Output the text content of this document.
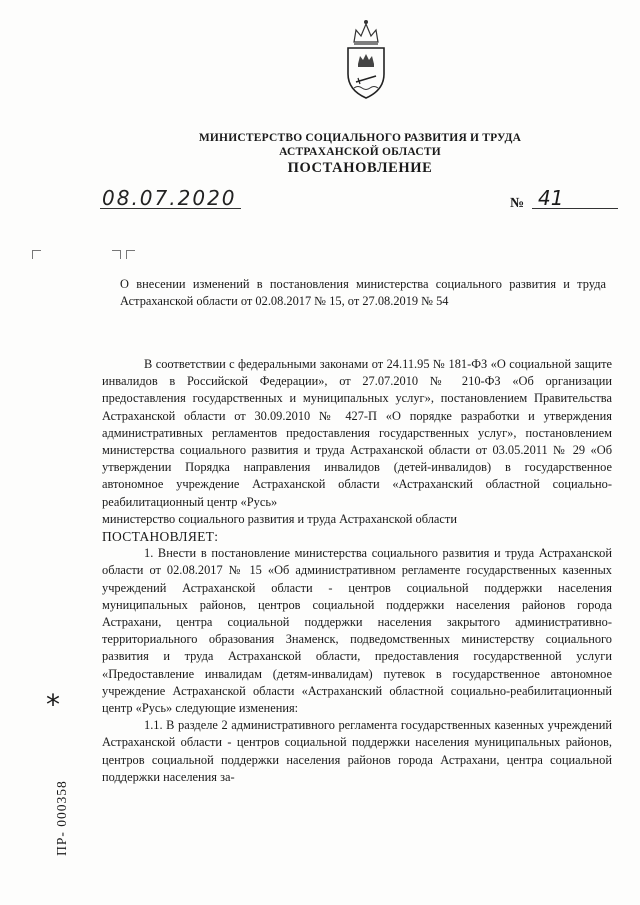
МИНИСТЕРСТВО СОЦИАЛЬНОГО РАЗВИТИЯ И ТРУДА
АСТРАХАНСКОЙ ОБЛАСТИ
ПОСТАНОВЛЕНИЕ
08.07.2020	№ 41
О внесении изменений в постановления министерства социального развития и труда Астраханской области от 02.08.2017 № 15, от 27.08.2019 № 54

В соответствии с федеральными законами от 24.11.95 № 181-ФЗ «О социальной защите инвалидов в Российской Федерации», от 27.07.2010 № 210-ФЗ «Об организации предоставления государственных и муниципальных услуг», постановлением Правительства Астраханской области от 30.09.2010 № 427-П «О порядке разработки и утверждения административных регламентов предоставления государственных услуг», постановлением министерства социального развития и труда Астраханской области от 03.05.2011 № 29 «Об утверждении Порядка направления инвалидов (детей-инвалидов) в государственное автономное учреждение Астраханской области «Астраханский областной социально-реабилитационный центр «Русь»

министерство социального развития и труда Астраханской области

ПОСТАНОВЛЯЕТ:

1. Внести в постановление министерства социального развития и труда Астраханской области от 02.08.2017 № 15 «Об административном регламенте государственных казенных учреждений Астраханской области - центров социальной поддержки населения муниципальных районов, центров социальной поддержки населения районов города Астрахани, центра социальной поддержки населения закрытого административно-территориального образования Знаменск, подведомственных министерству социального развития и труда Астраханской области, предоставления государственной услуги «Предоставление инвалидам (детям-инвалидам) путевок в государственное автономное учреждение Астраханской области «Астраханский областной социально-реабилитационный центр «Русь» следующие изменения:

1.1. В разделе 2 административного регламента государственных казенных учреждений Астраханской области - центров социальной поддержки населения муниципальных районов, центров социальной поддержки населения районов города Астрахани, центра социальной поддержки населения за-

*
ПР- 000358
